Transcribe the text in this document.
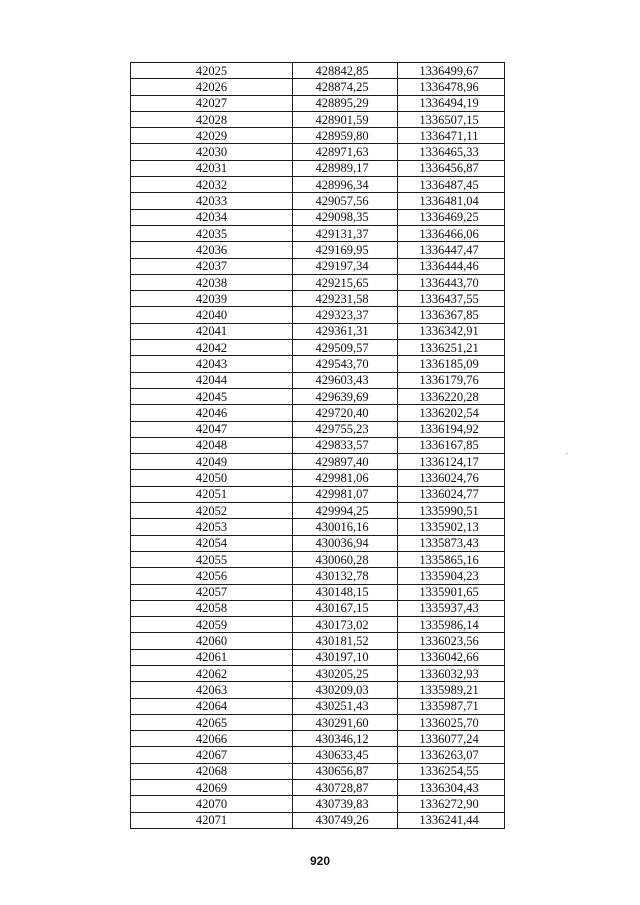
42025	428842,85	1336499,67
42026	428874,25	1336478,96
42027	428895,29	1336494,19
42028	428901,59	1336507,15
42029	428959,80	1336471,11
42030	428971,63	1336465,33
42031	428989,17	1336456,87
42032	428996,34	1336487,45
42033	429057,56	1336481,04
42034	429098,35	1336469,25
42035	429131,37	1336466,06
42036	429169,95	1336447,47
42037	429197,34	1336444,46
42038	429215,65	1336443,70
42039	429231,58	1336437,55
42040	429323,37	1336367,85
42041	429361,31	1336342,91
42042	429509,57	1336251,21
42043	429543,70	1336185,09
42044	429603,43	1336179,76
42045	429639,69	1336220,28
42046	429720,40	1336202,54
42047	429755,23	1336194,92
42048	429833,57	1336167,85
42049	429897,40	1336124,17
42050	429981,06	1336024,76
42051	429981,07	1336024,77
42052	429994,25	1335990,51
42053	430016,16	1335902,13
42054	430036,94	1335873,43
42055	430060,28	1335865,16
42056	430132,78	1335904,23
42057	430148,15	1335901,65
42058	430167,15	1335937,43
42059	430173,02	1335986,14
42060	430181,52	1336023,56
42061	430197,10	1336042,66
42062	430205,25	1336032,93
42063	430209,03	1335989,21
42064	430251,43	1335987,71
42065	430291,60	1336025,70
42066	430346,12	1336077,24
42067	430633,45	1336263,07
42068	430656,87	1336254,55
42069	430728,87	1336304,43
42070	430739,83	1336272,90
42071	430749,26	1336241,44
920
